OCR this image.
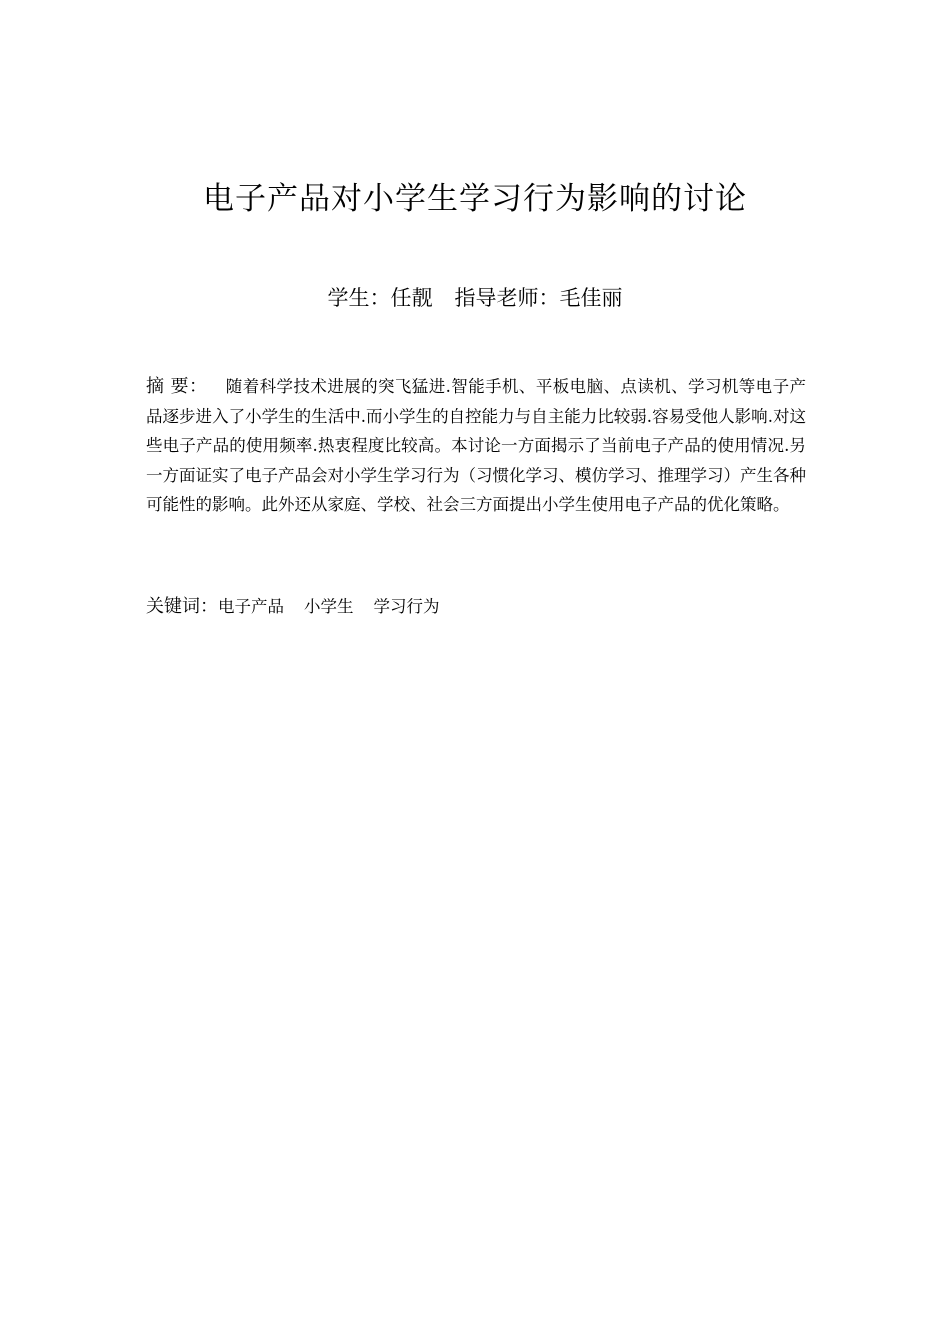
电子产品对小学生学习行为影响的讨论
学生：任靓 指导老师：毛佳丽

摘 要： 随着科学技术进展的突飞猛进.智能手机、平板电脑、点读机、学习机等电子产品逐步进入了小学生的生活中.而小学生的自控能力与自主能力比较弱.容易受他人影响.对这些电子产品的使用频率.热衷程度比较高。本讨论一方面揭示了当前电子产品的使用情况.另一方面证实了电子产品会对小学生学习行为（习惯化学习、模仿学习、推理学习）产生各种可能性的影响。此外还从家庭、学校、社会三方面提出小学生使用电子产品的优化策略。

关键词：电子产品 小学生 学习行为
